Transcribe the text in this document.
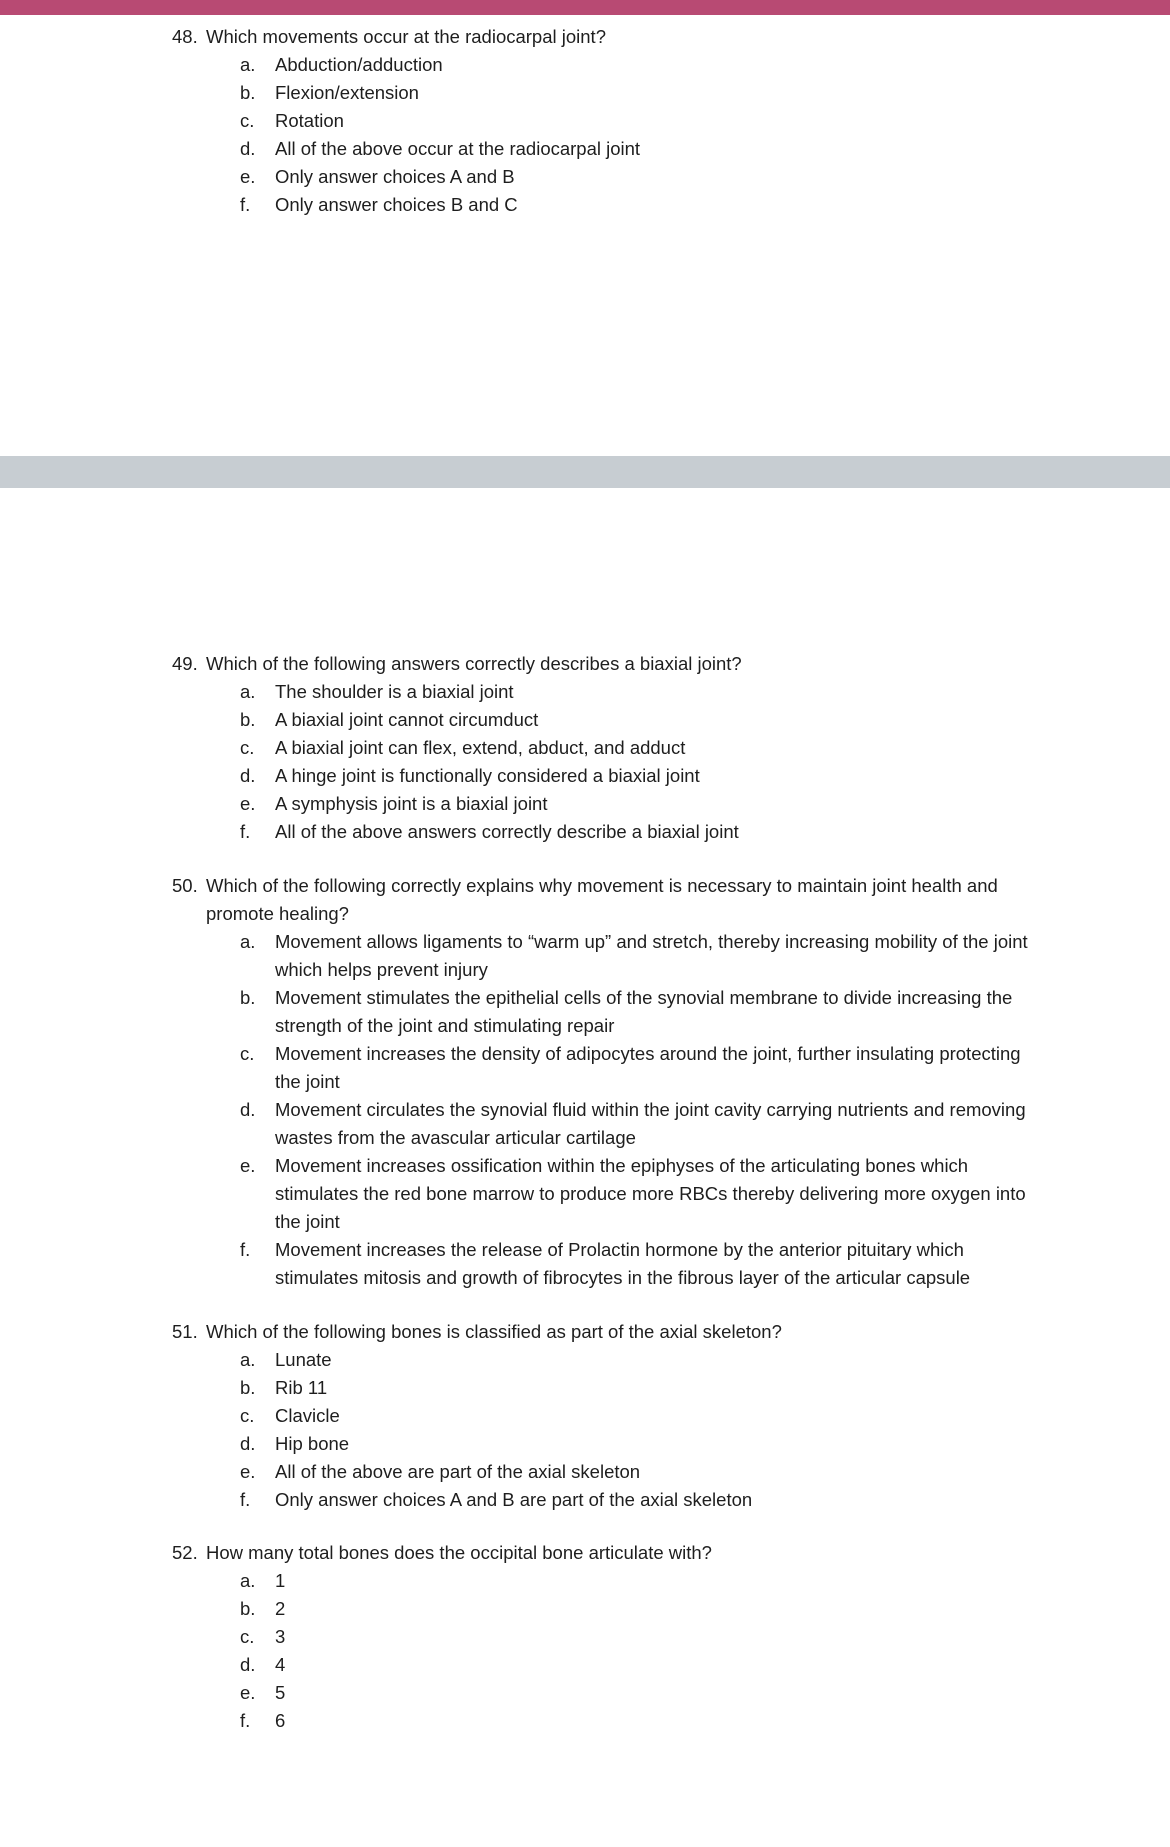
48. Which movements occur at the radiocarpal joint?
a.	Abduction/adduction
b.	Flexion/extension
c.	Rotation
d.	All of the above occur at the radiocarpal joint
e.	Only answer choices A and B
f.	Only answer choices B and C
49. Which of the following answers correctly describes a biaxial joint?
a.	The shoulder is a biaxial joint
b.	A biaxial joint cannot circumduct
c.	A biaxial joint can flex, extend, abduct, and adduct
d.	A hinge joint is functionally considered a biaxial joint
e.	A symphysis joint is a biaxial joint
f.	All of the above answers correctly describe a biaxial joint
50. Which of the following correctly explains why movement is necessary to maintain joint health and promote healing?
a.	Movement allows ligaments to “warm up” and stretch, thereby increasing mobility of the joint which helps prevent injury
b.	Movement stimulates the epithelial cells of the synovial membrane to divide increasing the strength of the joint and stimulating repair
c.	Movement increases the density of adipocytes around the joint, further insulating protecting the joint
d.	Movement circulates the synovial fluid within the joint cavity carrying nutrients and removing wastes from the avascular articular cartilage
e.	Movement increases ossification within the epiphyses of the articulating bones which stimulates the red bone marrow to produce more RBCs thereby delivering more oxygen into the joint
f.	Movement increases the release of Prolactin hormone by the anterior pituitary which stimulates mitosis and growth of fibrocytes in the fibrous layer of the articular capsule
51. Which of the following bones is classified as part of the axial skeleton?
a.	Lunate
b.	Rib 11
c.	Clavicle
d.	Hip bone
e.	All of the above are part of the axial skeleton
f.	Only answer choices A and B are part of the axial skeleton
52. How many total bones does the occipital bone articulate with?
a.	1
b.	2
c.	3
d.	4
e.	5
f.	6
